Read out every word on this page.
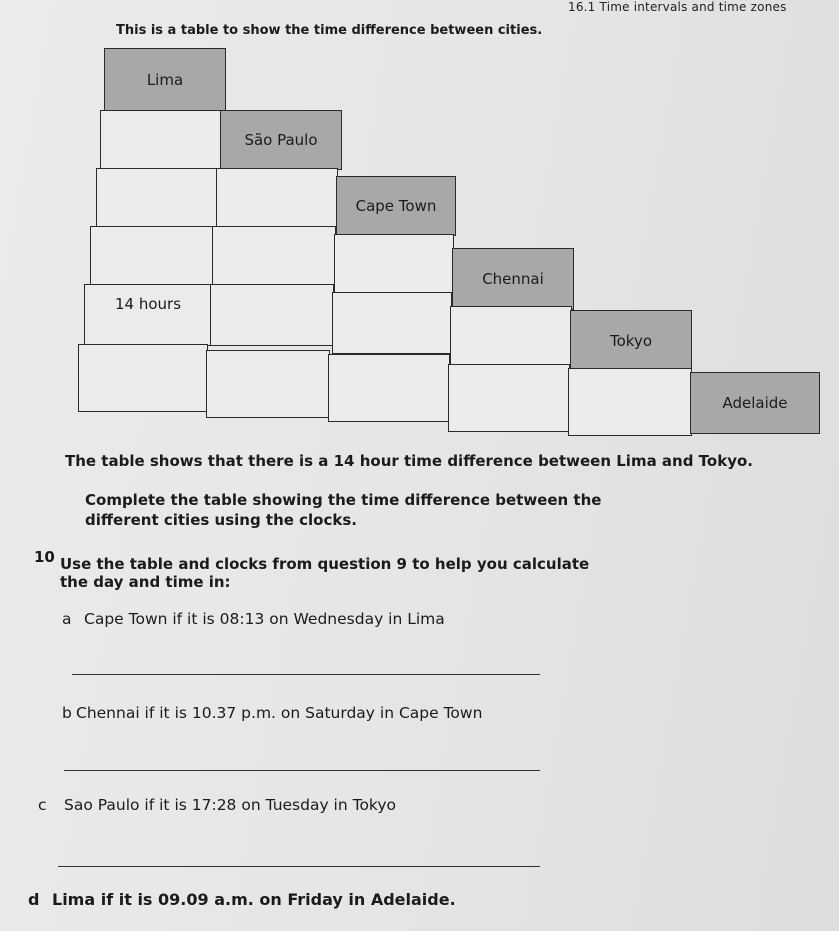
16.1 Time intervals and time zones
This is a table to show the time difference between cities.
Lima
São Paulo
Cape Town
Chennai
14 hours
Tokyo
Adelaide
The table shows that there is a 14 hour time difference between Lima and Tokyo.
Complete the table showing the time difference between the
different cities using the clocks.
10 Use the table and clocks from question 9 to help you calculate
the day and time in:
a Cape Town if it is 08:13 on Wednesday in Lima
b Chennai if it is 10.37 p.m. on Saturday in Cape Town
c Sao Paulo if it is 17:28 on Tuesday in Tokyo
d Lima if it is 09.09 a.m. on Friday in Adelaide.
